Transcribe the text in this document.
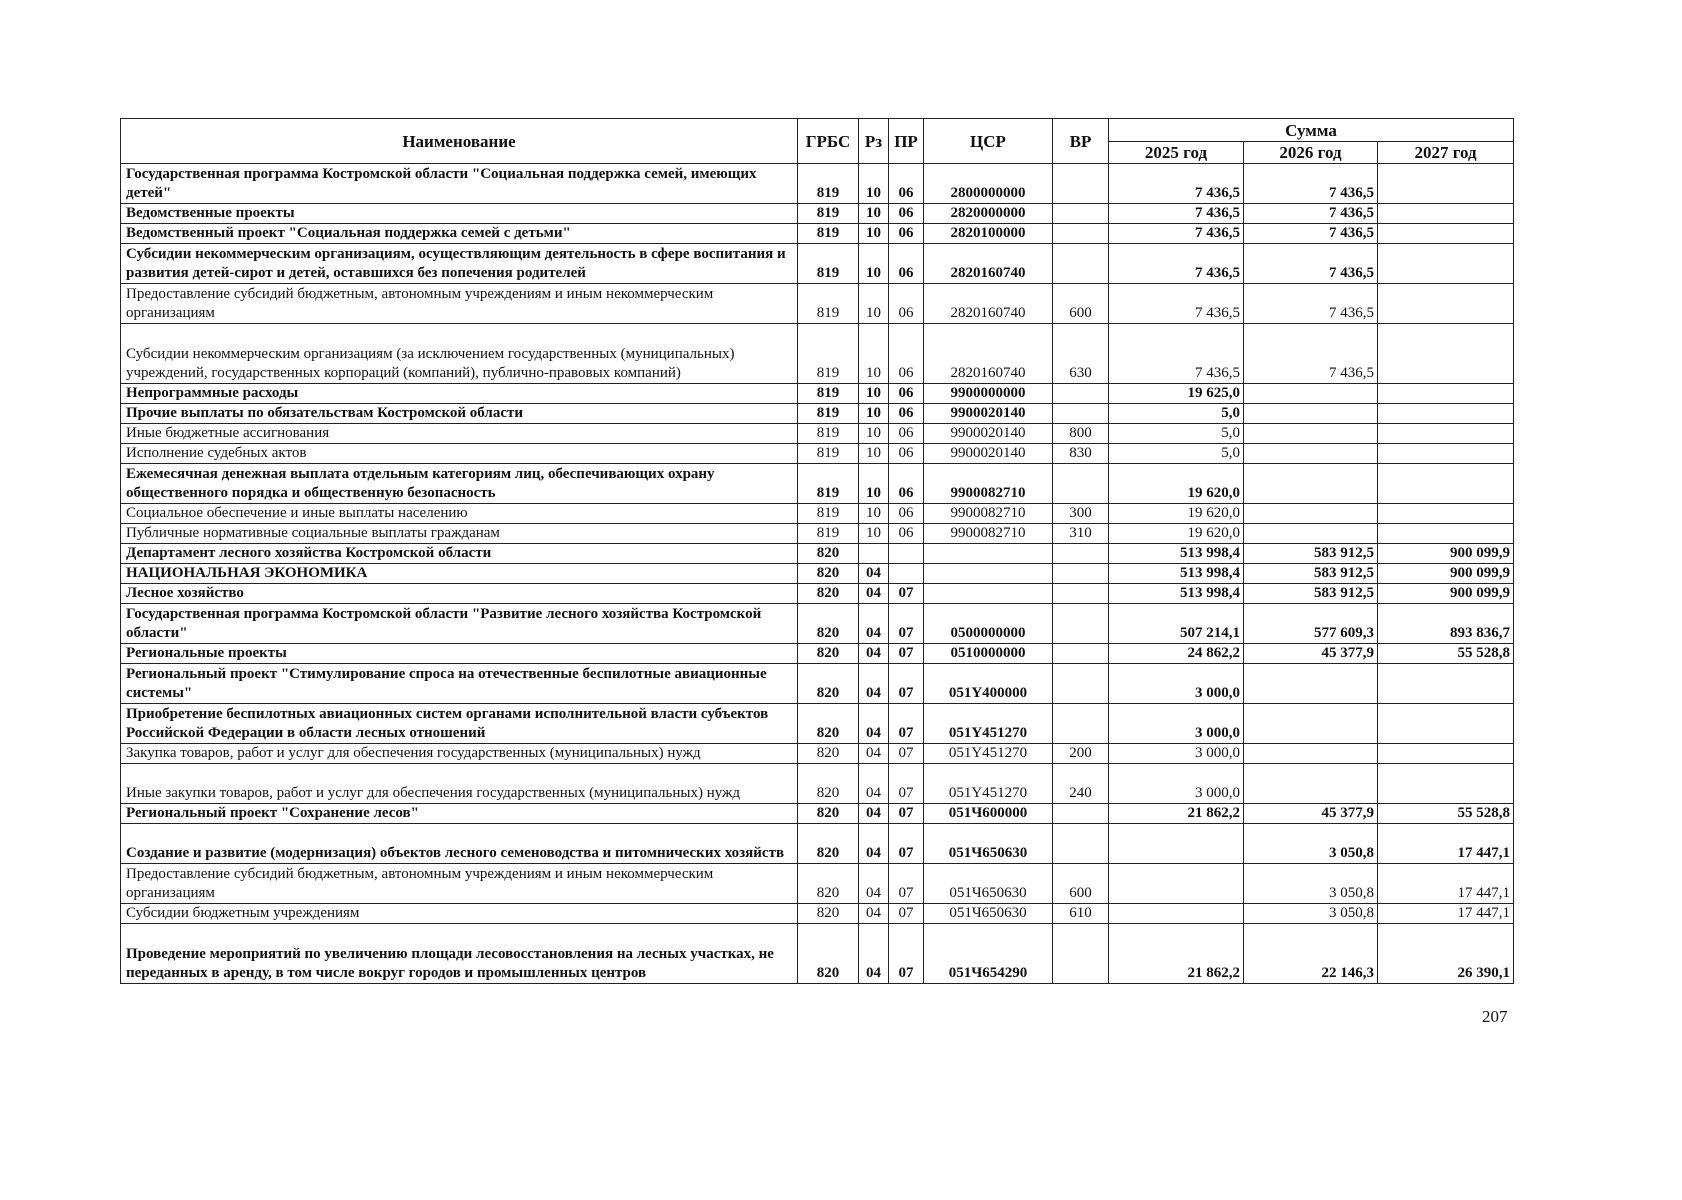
Наименование	ГРБС	Рз	ПР	ЦСР	ВР	Сумма		
						2025 год	2026 год	2027 год
Государственная программа Костромской области "Социальная поддержка семей, имеющих детей"	819	10	06	2800000000		7 436,5	7 436,5	
Ведомственные проекты	819	10	06	2820000000		7 436,5	7 436,5	
Ведомственный проект "Социальная поддержка семей с детьми"	819	10	06	2820100000		7 436,5	7 436,5	
Субсидии некоммерческим организациям, осуществляющим деятельность в сфере воспитания и развития детей-сирот и детей, оставшихся без попечения родителей	819	10	06	2820160740		7 436,5	7 436,5	
Предоставление субсидий бюджетным, автономным учреждениям и иным некоммерческим организациям	819	10	06	2820160740	600	7 436,5	7 436,5	
Субсидии некоммерческим организациям (за исключением государственных (муниципальных) учреждений, государственных корпораций (компаний), публично-правовых компаний)	819	10	06	2820160740	630	7 436,5	7 436,5	
Непрограммные расходы	819	10	06	9900000000		19 625,0		
Прочие выплаты по обязательствам Костромской области	819	10	06	9900020140		5,0		
Иные бюджетные ассигнования	819	10	06	9900020140	800	5,0		
Исполнение судебных актов	819	10	06	9900020140	830	5,0		
Ежемесячная денежная выплата отдельным категориям лиц, обеспечивающих охрану общественного порядка и общественную безопасность	819	10	06	9900082710		19 620,0		
Социальное обеспечение и иные выплаты населению	819	10	06	9900082710	300	19 620,0		
Публичные нормативные социальные выплаты гражданам	819	10	06	9900082710	310	19 620,0		
Департамент лесного хозяйства Костромской области	820					513 998,4	583 912,5	900 099,9
НАЦИОНАЛЬНАЯ ЭКОНОМИКА	820	04				513 998,4	583 912,5	900 099,9
Лесное хозяйство	820	04	07			513 998,4	583 912,5	900 099,9
Государственная программа Костромской области "Развитие лесного хозяйства Костромской области"	820	04	07	0500000000		507 214,1	577 609,3	893 836,7
Региональные проекты	820	04	07	0510000000		24 862,2	45 377,9	55 528,8
Региональный проект "Стимулирование спроса на отечественные беспилотные авиационные системы"	820	04	07	051Y400000		3 000,0		
Приобретение беспилотных авиационных систем органами исполнительной власти субъектов Российской Федерации в области лесных отношений	820	04	07	051Y451270		3 000,0		
Закупка товаров, работ и услуг для обеспечения государственных (муниципальных) нужд	820	04	07	051Y451270	200	3 000,0		
Иные закупки товаров, работ и услуг для обеспечения государственных (муниципальных) нужд	820	04	07	051Y451270	240	3 000,0		
Региональный проект "Сохранение лесов"	820	04	07	051Ч600000		21 862,2	45 377,9	55 528,8
Создание и развитие (модернизация) объектов лесного семеноводства и питомнических хозяйств	820	04	07	051Ч650630			3 050,8	17 447,1
Предоставление субсидий бюджетным, автономным учреждениям и иным некоммерческим организациям	820	04	07	051Ч650630	600		3 050,8	17 447,1
Субсидии бюджетным учреждениям	820	04	07	051Ч650630	610		3 050,8	17 447,1
Проведение мероприятий по увеличению площади лесовосстановления на лесных участках, не переданных в аренду, в том числе вокруг городов и промышленных центров	820	04	07	051Ч654290		21 862,2	22 146,3	26 390,1
207
